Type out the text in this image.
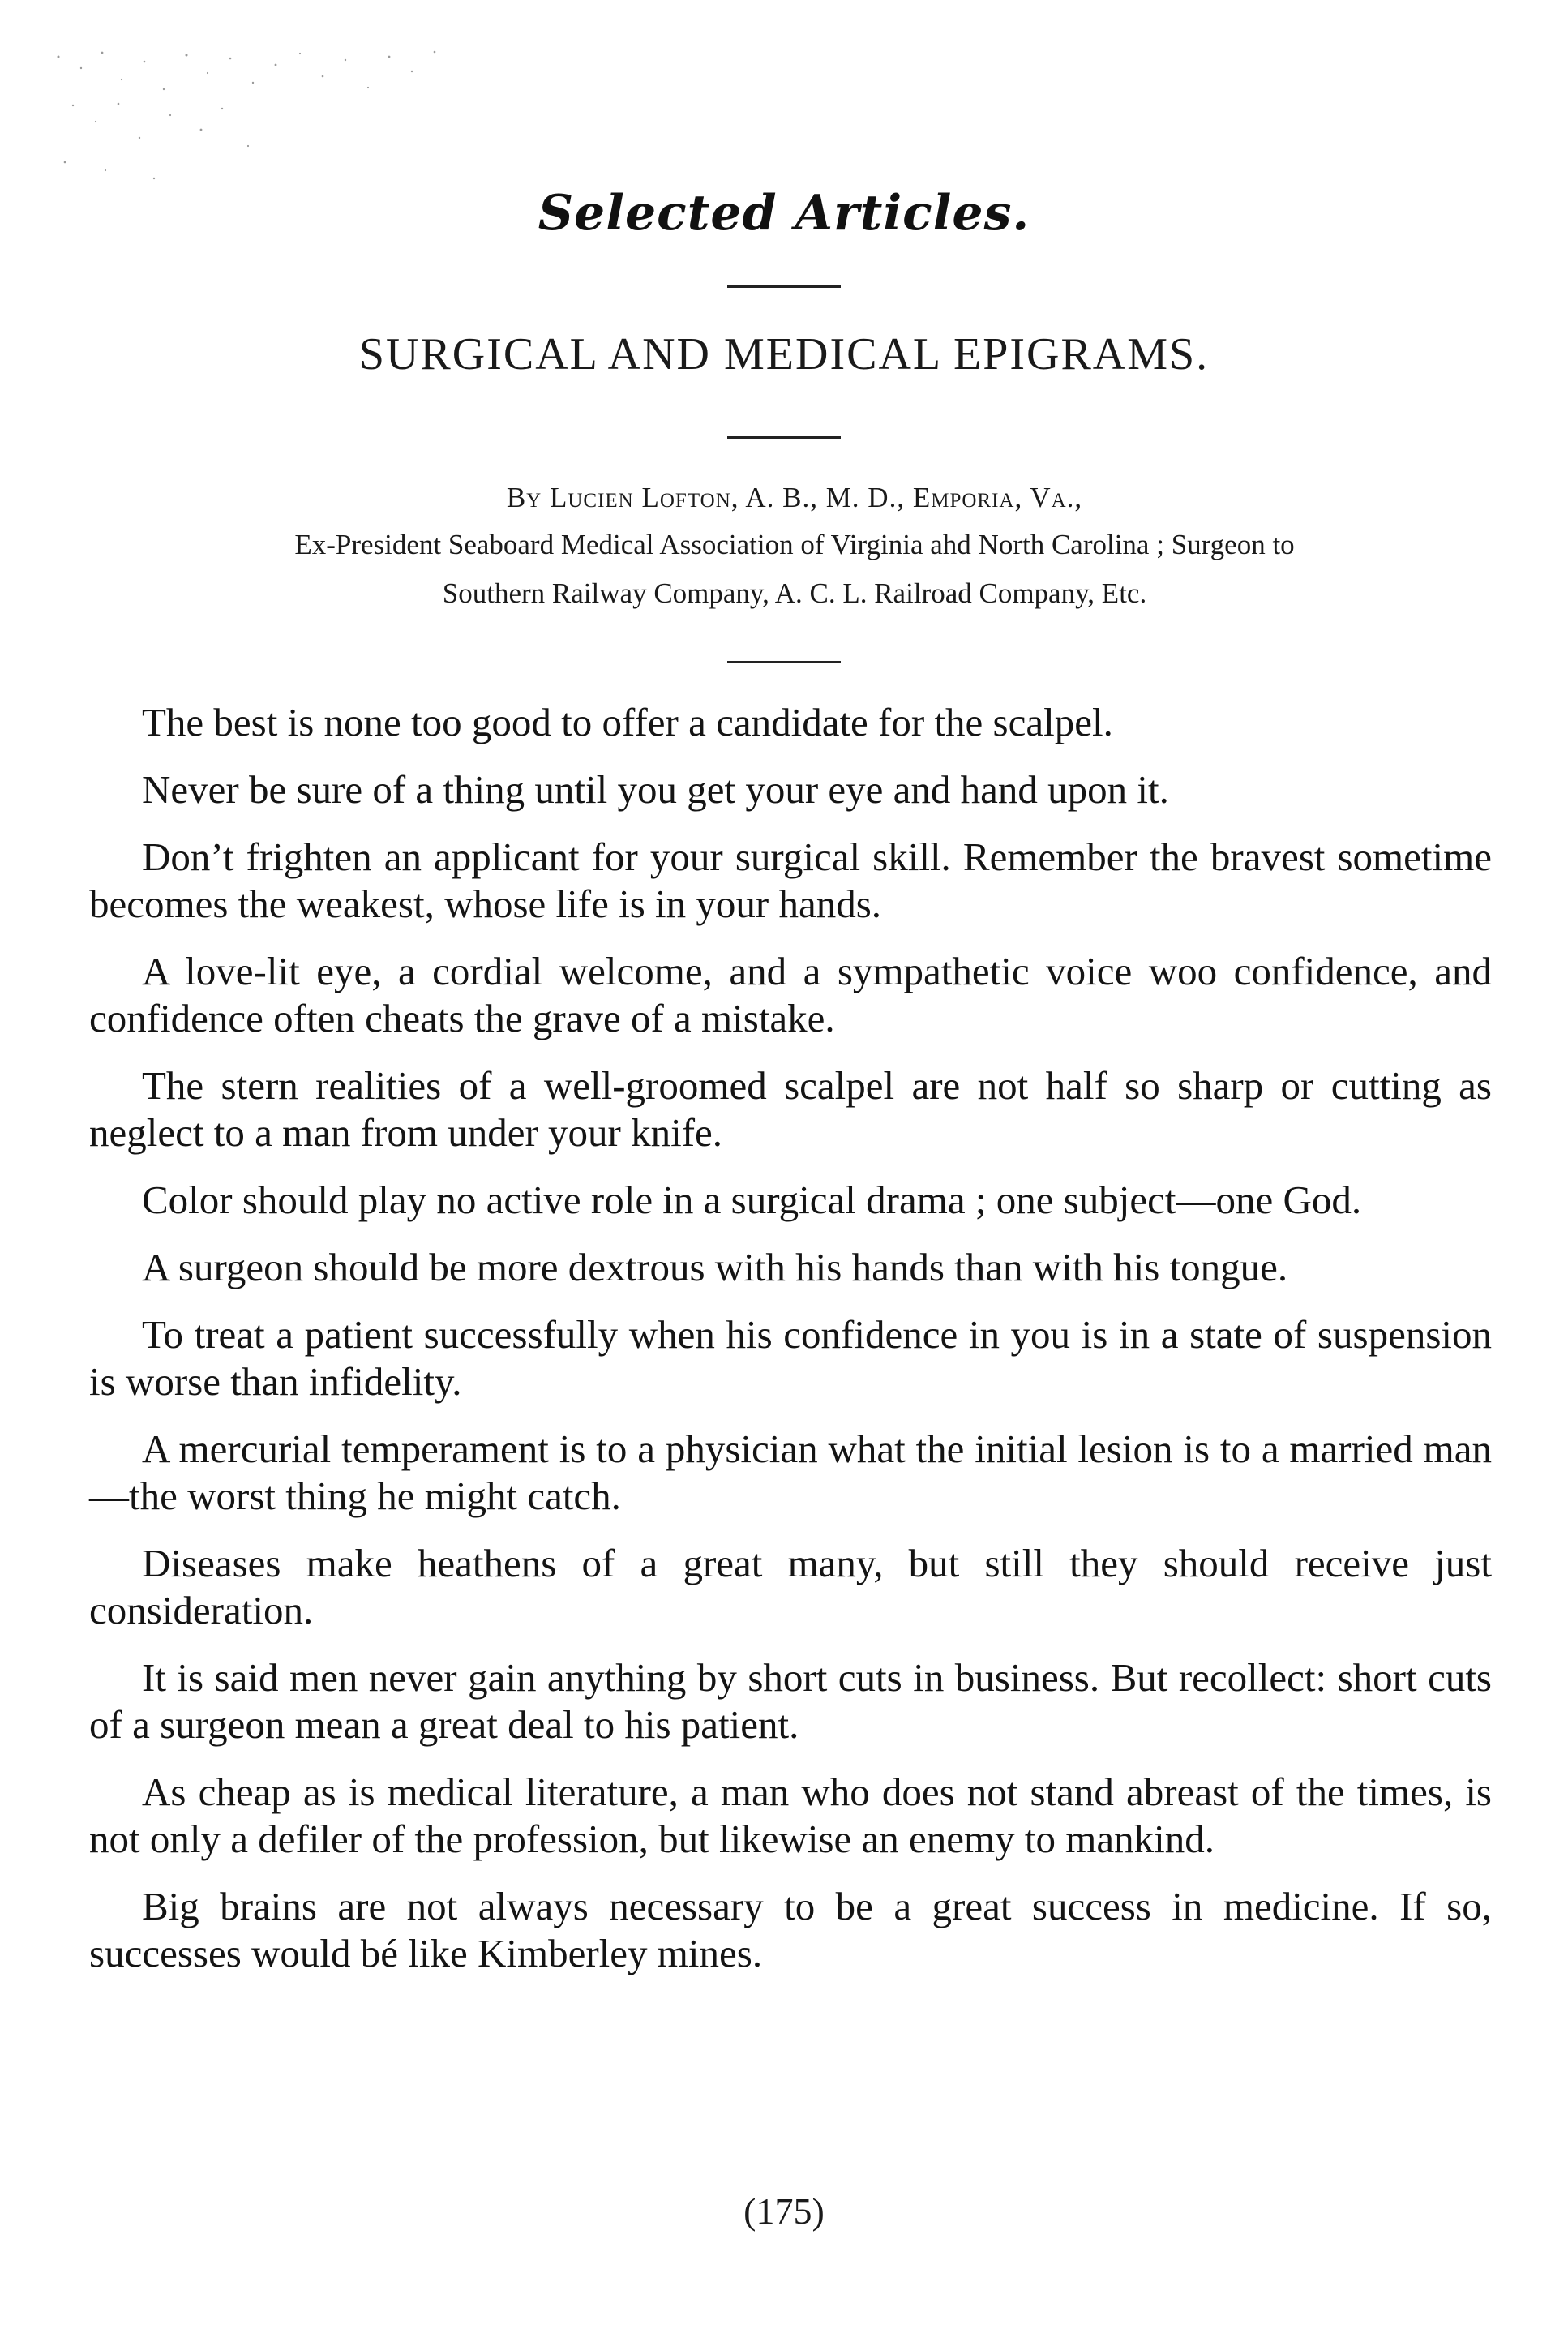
Selected Articles.
SURGICAL AND MEDICAL EPIGRAMS.
By Lucien Lofton, A. B., M. D., Emporia, Va.,
Ex-President Seaboard Medical Association of Virginia ahd North Carolina ; Surgeon to
Southern Railway Company, A. C. L. Railroad Company, Etc.

The best is none too good to offer a candidate for the scalpel.

Never be sure of a thing until you get your eye and hand upon it.

Don’t frighten an applicant for your surgical skill. Remember the bravest sometime becomes the weakest, whose life is in your hands.

A love-lit eye, a cordial welcome, and a sympathetic voice woo confidence, and confidence often cheats the grave of a mistake.

The stern realities of a well-groomed scalpel are not half so sharp or cutting as neglect to a man from under your knife.

Color should play no active role in a surgical drama ; one subject—one God.

A surgeon should be more dextrous with his hands than with his tongue.

To treat a patient successfully when his confidence in you is in a state of suspension is worse than infidelity.

A mercurial temperament is to a physician what the initial lesion is to a married man—the worst thing he might catch.

Diseases make heathens of a great many, but still they should receive just consideration.

It is said men never gain anything by short cuts in business. But recollect: short cuts of a surgeon mean a great deal to his patient.

As cheap as is medical literature, a man who does not stand abreast of the times, is not only a defiler of the profession, but likewise an enemy to mankind.

Big brains are not always necessary to be a great success in medicine. If so, successes would bé like Kimberley mines.

(175)
